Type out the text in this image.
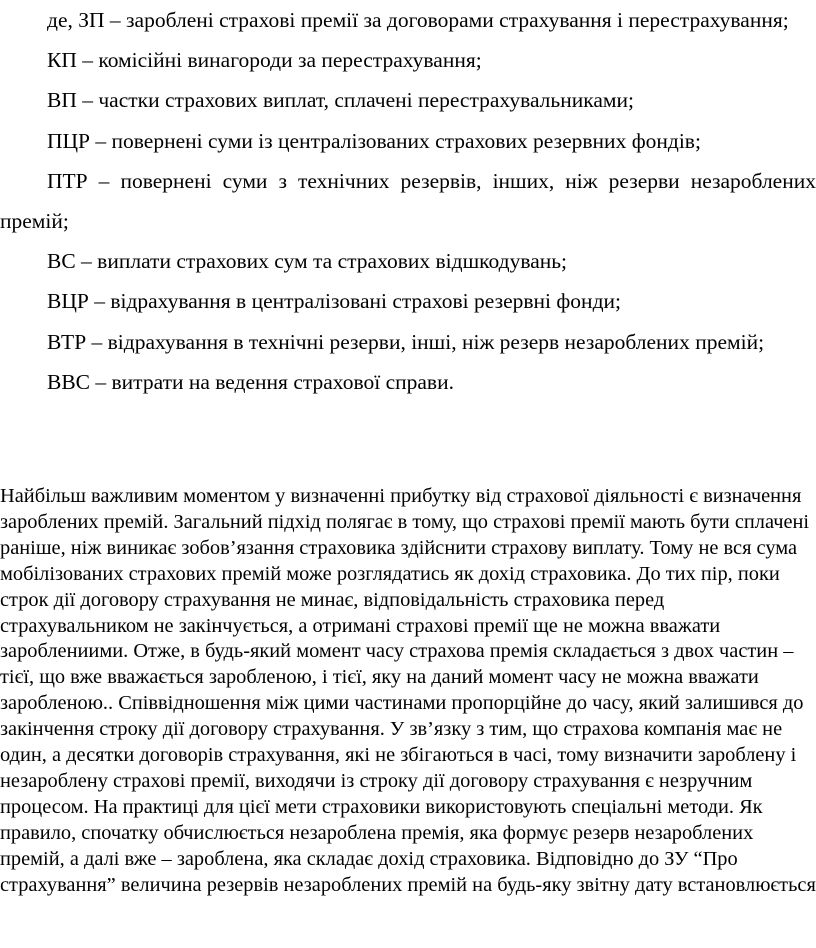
де, ЗП – зароблені страхові премії за договорами страхування і перестрахування;

КП – комісійні винагороди за перестрахування;

ВП – частки страхових виплат, сплачені перестрахувальниками;

ПЦР – повернені суми із централізованих страхових резервних фондів;

ПТР – повернені суми з технічних резервів, інших, ніж резерви незароблених премій;

ВС – виплати страхових сум та страхових відшкодувань;

ВЦР – відрахування в централізовані страхові резервні фонди;

ВТР – відрахування в технічні резерви, інші, ніж резерв незароблених премій;

ВВС – витрати на ведення страхової справи.

Найбільш важливим моментом у визначенні прибутку від страхової діяльності є визначення зароблених премій. Загальний підхід полягає в тому, що страхові премії мають бути сплачені раніше, ніж виникає зобов’язання страховика здійснити страхову виплату. Тому не вся сума мобілізованих страхових премій може розглядатись як дохід страховика. До тих пір, поки строк дії договору страхування не минає, відповідальність страховика перед страхувальником не закінчується, а отримані страхові премії ще не можна вважати зароблениими. Отже, в будь-який момент часу страхова премія складається з двох частин – тієї, що вже вважається заробленою, і тієї, яку на даний момент часу не можна вважати заробленою.. Співвідношення між цими частинами пропорційне до часу, який залишився до закінчення строку дії договору страхування. У зв’язку з тим, що страхова компанія має не один, а десятки договорів страхування, які не збігаються в часі, тому визначити зароблену і незароблену страхові премії, виходячи із строку дії договору страхування є незручним процесом. На практиці для цієї мети страховики використовують спеціальні методи. Як правило, спочатку обчислюється незароблена премія, яка формує резерв незароблених премій, а далі вже – зароблена, яка складає дохід страховика. Відповідно до ЗУ “Про страхування” величина резервів незароблених премій на будь-яку звітну дату встановлюється
